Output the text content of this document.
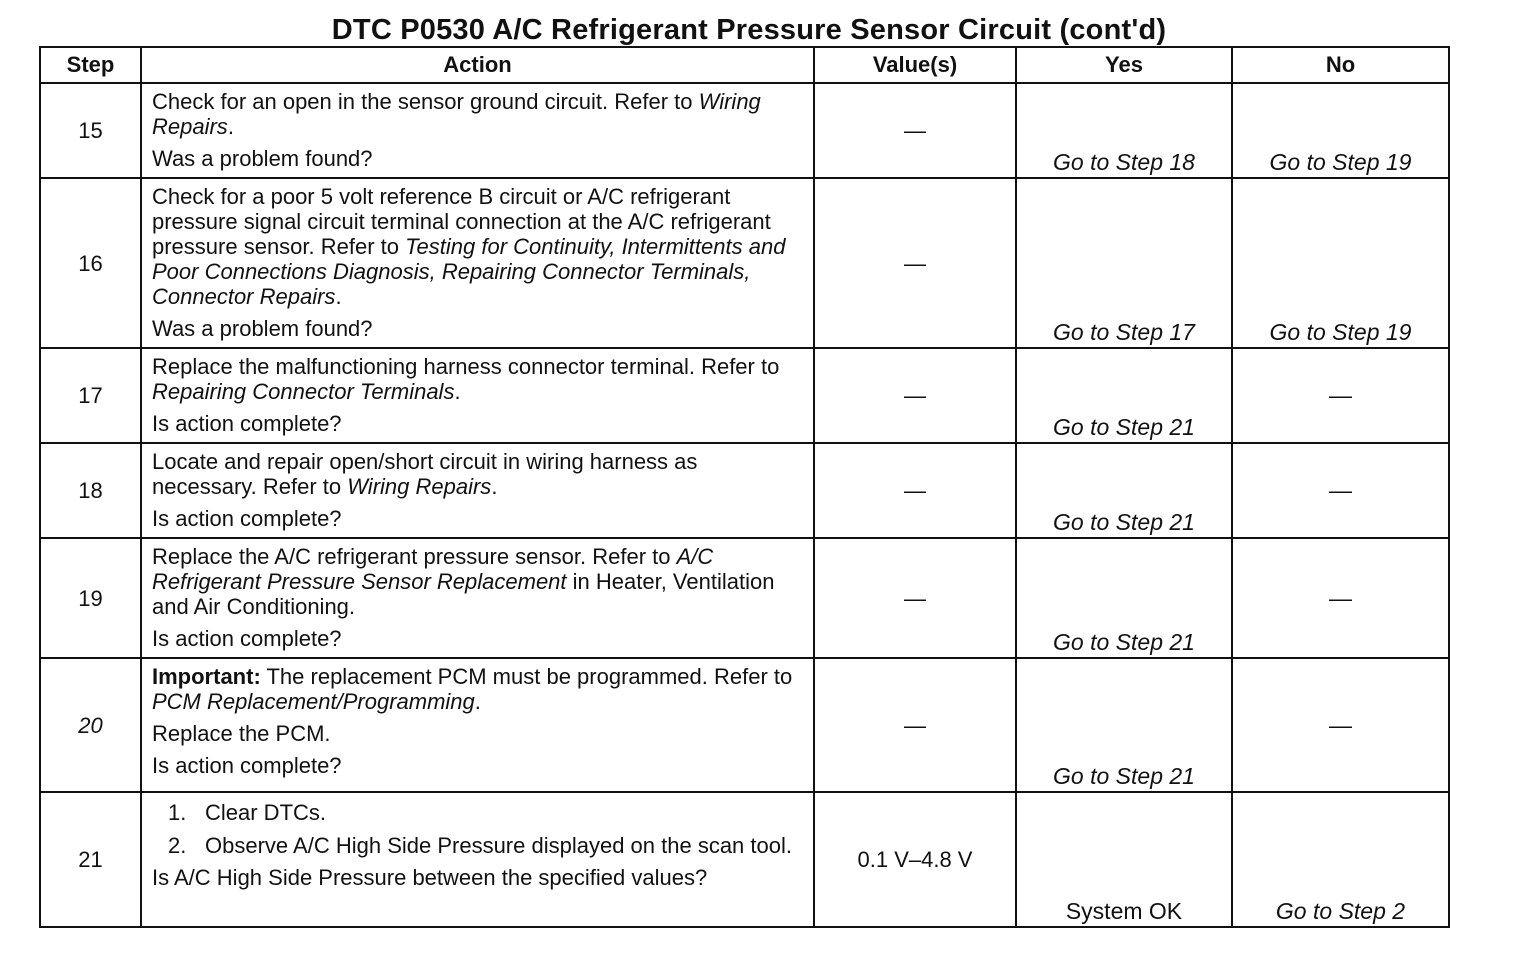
DTC P0530 A/C Refrigerant Pressure Sensor Circuit (cont'd)
Step	Action	Value(s)	Yes	No
15	Check for an open in the sensor ground circuit. Refer to Wiring Repairs.

Was a problem found?	—	Go to Step 18	Go to Step 19
16	Check for a poor 5 volt reference B circuit or A/C refrigerant pressure signal circuit terminal connection at the A/C refrigerant pressure sensor. Refer to Testing for Continuity, Intermittents and Poor Connections Diagnosis, Repairing Connector Terminals, Connector Repairs.

Was a problem found?	—	Go to Step 17	Go to Step 19
17	Replace the malfunctioning harness connector terminal. Refer to Repairing Connector Terminals.

Is action complete?	—	Go to Step 21	—
18	Locate and repair open/short circuit in wiring harness as necessary. Refer to Wiring Repairs.

Is action complete?	—	Go to Step 21	—
19	Replace the A/C refrigerant pressure sensor. Refer to A/C Refrigerant Pressure Sensor Replacement in Heater, Ventilation and Air Conditioning.

Is action complete?	—	Go to Step 21	—
20	Important: The replacement PCM must be programmed. Refer to PCM Replacement/Programming.

Replace the PCM.

Is action complete?	—	Go to Step 21	—
21	1. Clear DTCs.
2. Observe A/C High Side Pressure displayed on the scan tool.

Is A/C High Side Pressure between the specified values?	0.1 V–4.8 V	System OK	Go to Step 2
